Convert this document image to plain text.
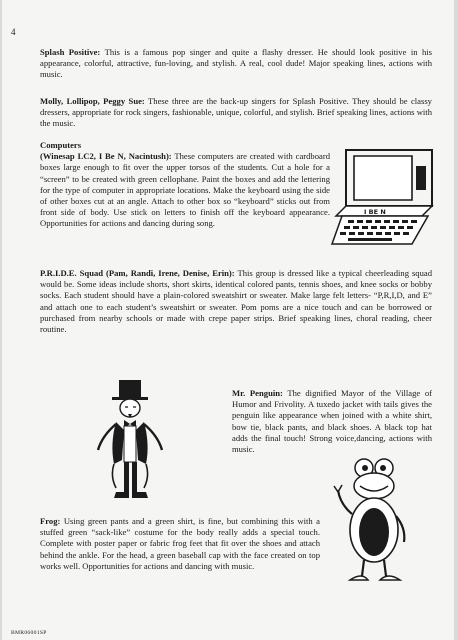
4
Splash Positive: This is a famous pop singer and quite a flashy dresser. He should look positive in his appearance, colorful, attractive, fun-loving, and stylish. A real, cool dude! Major speaking lines, actions with music.
Molly, Lollipop, Peggy Sue: These three are the back-up singers for Splash Positive. They should be classy dressers, appropriate for rock singers, fashionable, unique, colorful, and stylish. Brief speaking lines, actions with the music.
Computers
(Winesap LC2, I Be N, Nacintush): These computers are created with cardboard boxes large enough to fit over the upper torsos of the students. Cut a hole for a “screen” to be created with green cellophane. Paint the boxes and add the lettering for the type of computer in appropriate locations. Make the keyboard using the side of other boxes cut at an angle. Attach to other box so “keyboard” sticks out from front side of body. Use stick on letters to finish off the keyboard appearance. Opportunities for actions and dancing during song.
I BE N
P.R.I.D.E. Squad (Pam, Randi, Irene, Denise, Erin): This group is dressed like a typical cheerleading squad would be. Some ideas include shorts, short skirts, identical colored pants, tennis shoes, and knee socks or bobby socks. Each student should have a plain-colored sweatshirt or sweater. Make large felt letters- “P,R,I,D, and E” and attach one to each student’s sweatshirt or sweater. Pom poms are a nice touch and can be borrowed or purchased from nearby schools or made with crepe paper strips. Brief speaking lines, choral reading, cheer routine.
Mr. Penguin: The dignified Mayor of the Village of Humor and Frivolity. A tuxedo jacket with tails gives the penguin like appearance when joined with a white shirt, bow tie, black pants, and black shoes. A black top hat adds the final touch! Strong voice,dancing, actions with music.
Frog: Using green pants and a green shirt, is fine, but combining this with a stuffed green “sack-like” costume for the body really adds a special touch. Complete with poster paper or fabric frog feet that fit over the shoes and attach behind the ankle. For the head, a green baseball cap with the face created on top works well. Opportunities for actions and dancing with music.
BMR06001SP
